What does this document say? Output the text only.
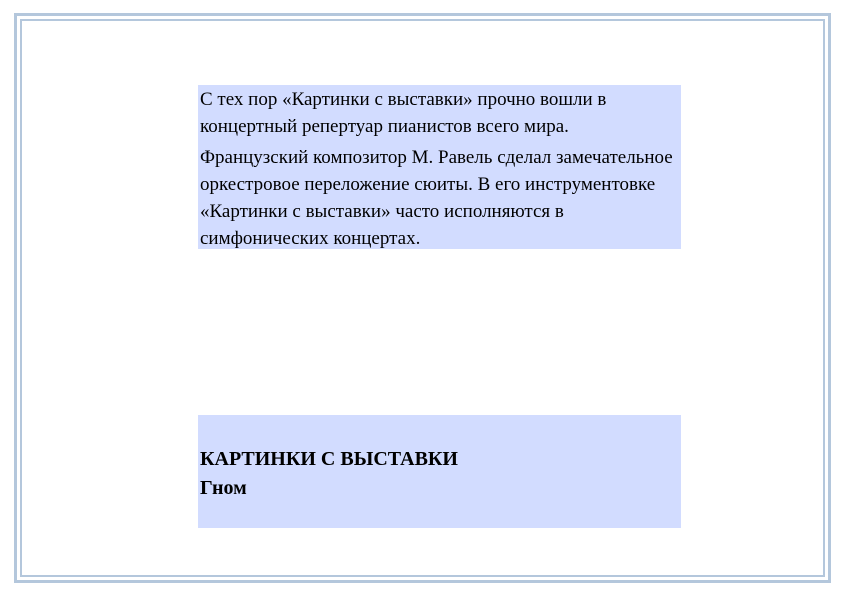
С тех пор «Картинки с выставки» прочно вошли в концертный репертуар пианистов всего мира.

Французский композитор М. Равель сделал замечательное оркестровое переложение сюиты. В его инструментовке «Картинки с выставки» часто исполняются в симфонических концертах.

КАРТИНКИ С ВЫСТАВКИ
Гном
